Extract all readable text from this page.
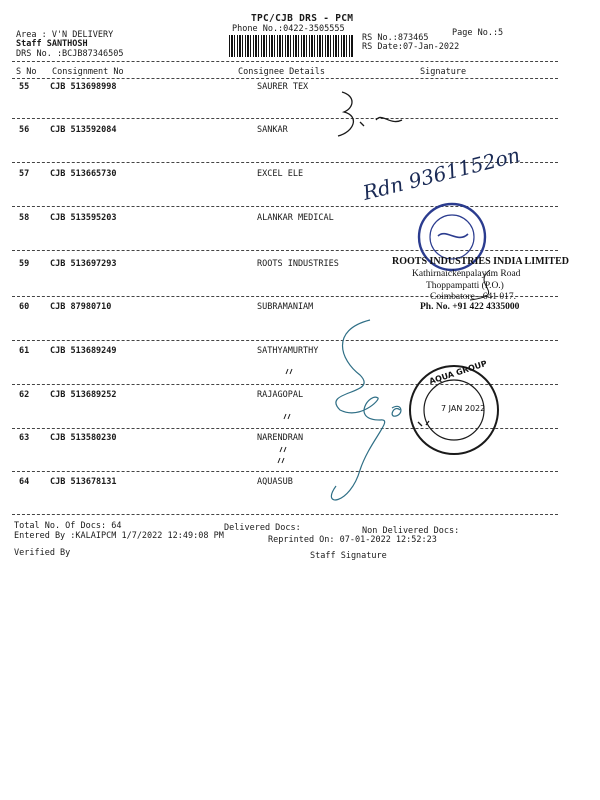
TPC/CJB DRS - PCM
Phone No.:0422-3505555
Area : V'N DELIVERY
Staff SANTHOSH
DRS No. :BCJB87346505
Page No.:5
RS No.:873465
RS Date:07-Jan-2022
S No Consignment No	Consignee Details	Signature
55 CJB 513698998	SAURER TEX
56 CJB 513592084	SANKAR
57 CJB 513665730	EXCEL ELE
58 CJB 513595203	ALANKAR MEDICAL
59 CJB 513697293	ROOTS INDUSTRIES
60 CJB 87980710	SUBRAMANIAM
61 CJB 513689249	SATHYAMURTHY
62 CJB 513689252	RAJAGOPAL
63 CJB 513580230	NARENDRAN
64 CJB 513678131	AQUASUB
Total No. Of Docs: 64	Delivered Docs:	Non Delivered Docs:
Entered By :KALAIPCM 1/7/2022 12:49:08 PM	Reprinted On: 07-01-2022 12:52:23
Verified By	Staff Signature
Rdn 9361152on
ROOTS INDUSTRIES INDIA LIMITED
Kathirnaickenpalayam Road
Thoppampatti (P.O.)
Coimbatore - 641 017.
Ph. No. +91 422 4335000
AQUA GROUP
7 JAN 2022
